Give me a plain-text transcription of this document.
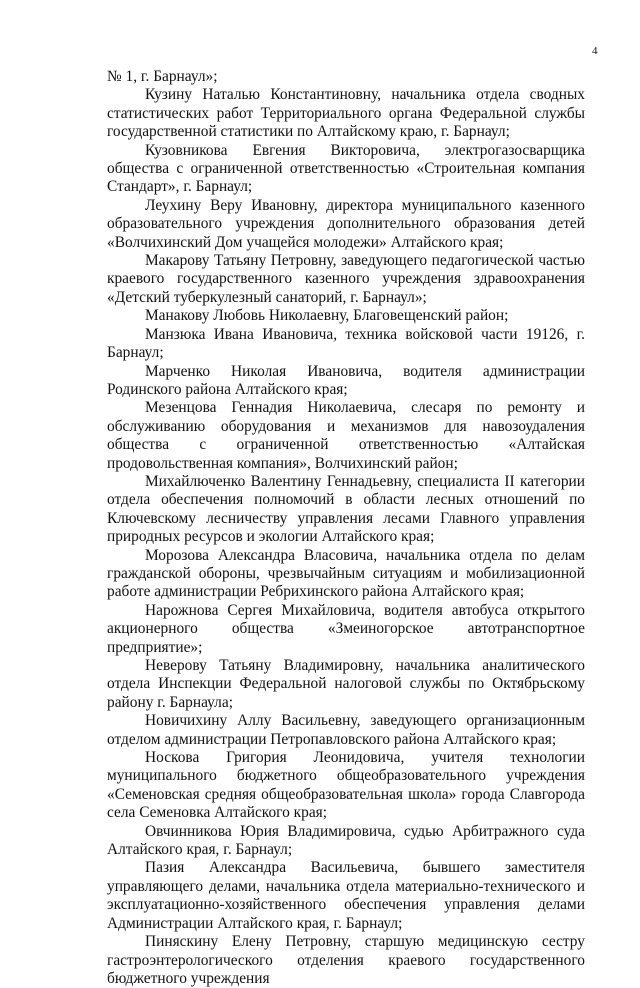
4

№ 1, г. Барнаул»;

Кузину Наталью Константиновну, начальника отдела сводных статистических работ Территориального органа Федеральной службы государственной статистики по Алтайскому краю, г. Барнаул;

Кузовникова Евгения Викторовича, электрогазосварщика общества с ограниченной ответственностью «Строительная компания Стандарт», г. Барнаул;

Леухину Веру Ивановну, директора муниципального казенного образовательного учреждения дополнительного образования детей «Волчихинский Дом учащейся молодежи» Алтайского края;

Макарову Татьяну Петровну, заведующего педагогической частью краевого государственного казенного учреждения здравоохранения «Детский туберкулезный санаторий, г. Барнаул»;

Манакову Любовь Николаевну, Благовещенский район;

Манзюка Ивана Ивановича, техника войсковой части 19126, г. Барнаул;

Марченко Николая Ивановича, водителя администрации Родинского района Алтайского края;

Мезенцова Геннадия Николаевича, слесаря по ремонту и обслуживанию оборудования и механизмов для навозоудаления общества с ограниченной ответственностью «Алтайская продовольственная компания», Волчихинский район;

Михайлюченко Валентину Геннадьевну, специалиста II категории отдела обеспечения полномочий в области лесных отношений по Ключевскому лесничеству управления лесами Главного управления природных ресурсов и экологии Алтайского края;

Морозова Александра Власовича, начальника отдела по делам гражданской обороны, чрезвычайным ситуациям и мобилизационной работе администрации Ребрихинского района Алтайского края;

Нарожнова Сергея Михайловича, водителя автобуса открытого акционерного общества «Змеиногорское автотранспортное предприятие»;

Неверову Татьяну Владимировну, начальника аналитического отдела Инспекции Федеральной налоговой службы по Октябрьскому району г. Барнаула;

Новичихину Аллу Васильевну, заведующего организационным отделом администрации Петропавловского района Алтайского края;

Носкова Григория Леонидовича, учителя технологии муниципального бюджетного общеобразовательного учреждения «Семеновская средняя общеобразовательная школа» города Славгорода села Семеновка Алтайского края;

Овчинникова Юрия Владимировича, судью Арбитражного суда Алтайского края, г. Барнаул;

Пазия Александра Васильевича, бывшего заместителя управляющего делами, начальника отдела материально-технического и эксплуатационно-хозяйственного обеспечения управления делами Администрации Алтайского края, г. Барнаул;

Пиняскину Елену Петровну, старшую медицинскую сестру гастроэнтерологического отделения краевого государственного бюджетного учреждения
